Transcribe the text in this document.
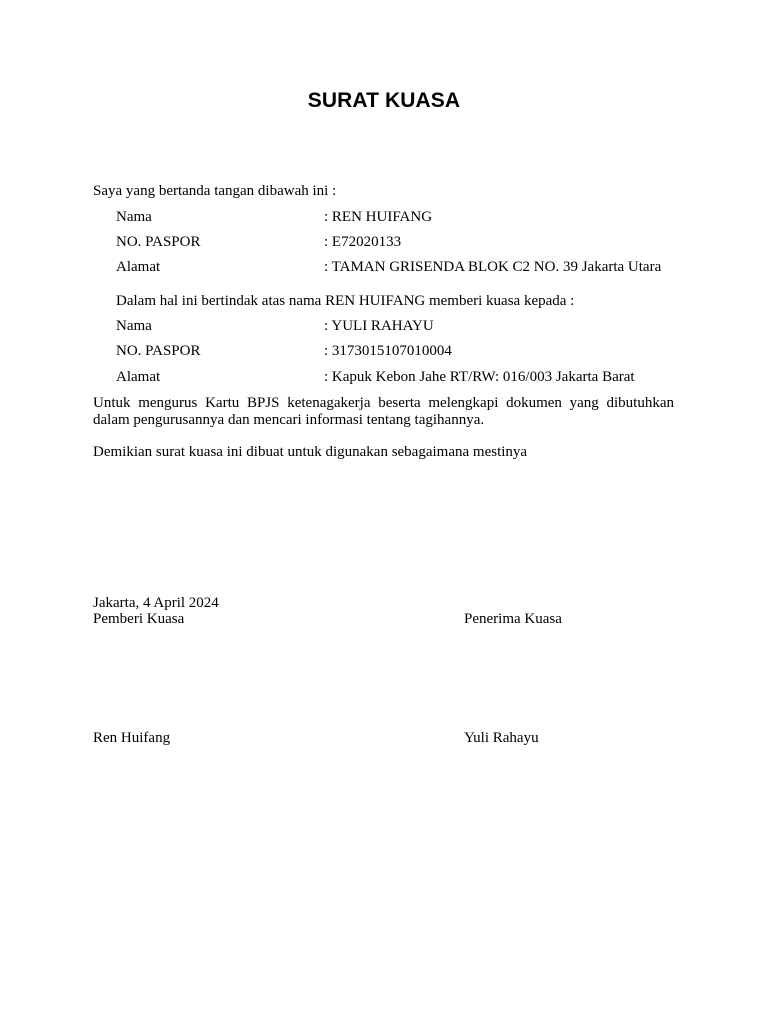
SURAT KUASA
Saya yang bertanda tangan dibawah ini :
Nama	: REN HUIFANG
NO. PASPOR	: E72020133
Alamat	: TAMAN GRISENDA BLOK C2 NO. 39 Jakarta Utara
Dalam hal ini bertindak atas nama REN HUIFANG memberi kuasa kepada :
Nama	: YULI RAHAYU
NO. PASPOR	: 3173015107010004
Alamat	: Kapuk Kebon Jahe RT/RW: 016/003 Jakarta Barat
Untuk mengurus Kartu BPJS ketenagakerja beserta melengkapi dokumen yang dibutuhkan
dalam pengurusannya dan mencari informasi tentang tagihannya.
Demikian surat kuasa ini dibuat untuk digunakan sebagaimana mestinya
Jakarta, 4 April 2024
Pemberi Kuasa	Penerima Kuasa
Ren Huifang	Yuli Rahayu
